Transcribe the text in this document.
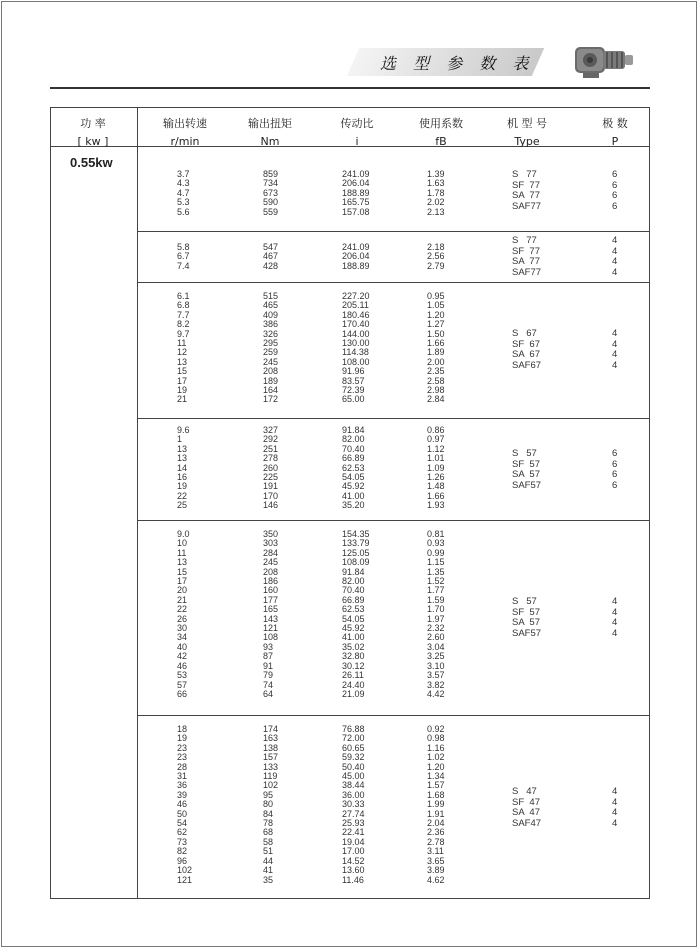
选 型 参 数 表
功 率
[ kw ]
输出转速
r/min
输出扭矩
Nm
传动比
i
使用系数
fB
机 型 号
Type
极 数
P
0.55kw
3.7
4.3
4.7
5.3
5.6
859
734
673
590
559
241.09
206.04
188.89
165.75
157.08
1.39
1.63
1.78
2.02
2.13
S   77
SF  77
SA  77
SAF77
6
6
6
6
5.8
6.7
7.4
547
467
428
241.09
206.04
188.89
2.18
2.56
2.79
S   77
SF  77
SA  77
SAF77
4
4
4
4
6.1
6.8
7.7
8.2
9.7
11
12
13
15
17
19
21
515
465
409
386
326
295
259
245
208
189
164
172
227.20
205.11
180.46
170.40
144.00
130.00
114.38
108.00
91.96
83.57
72.39
65.00
0.95
1.05
1.20
1.27
1.50
1.66
1.89
2.00
2.35
2.58
2.98
2.84
S   67
SF  67
SA  67
SAF67
4
4
4
4
9.6
1
13
13
14
16
19
22
25
327
292
251
278
260
225
191
170
146
91.84
82.00
70.40
66.89
62.53
54.05
45.92
41.00
35.20
0.86
0.97
1.12
1.01
1.09
1.26
1.48
1.66
1.93
S   57
SF  57
SA  57
SAF57
6
6
6
6
9.0
10
11
13
15
17
20
21
22
26
30
34
40
42
46
53
57
66
350
303
284
245
208
186
160
177
165
143
121
108
93
87
91
79
74
64
154.35
133.79
125.05
108.09
91.84
82.00
70.40
66.89
62.53
54.05
45.92
41.00
35.02
32.80
30.12
26.11
24.40
21.09
0.81
0.93
0.99
1.15
1.35
1.52
1.77
1.59
1.70
1.97
2.32
2.60
3.04
3.25
3.10
3.57
3.82
4.42
S   57
SF  57
SA  57
SAF57
4
4
4
4
18
19
23
23
28
31
36
39
46
50
54
62
73
82
96
102
121
174
163
138
157
133
119
102
95
80
84
78
68
58
51
44
41
35
76.88
72.00
60.65
59.32
50.40
45.00
38.44
36.00
30.33
27.74
25.93
22.41
19.04
17.00
14.52
13.60
11.46
0.92
0.98
1.16
1.02
1.20
1.34
1.57
1.68
1.99
1.91
2.04
2.36
2.78
3.11
3.65
3.89
4.62
S   47
SF  47
SA  47
SAF47
4
4
4
4
